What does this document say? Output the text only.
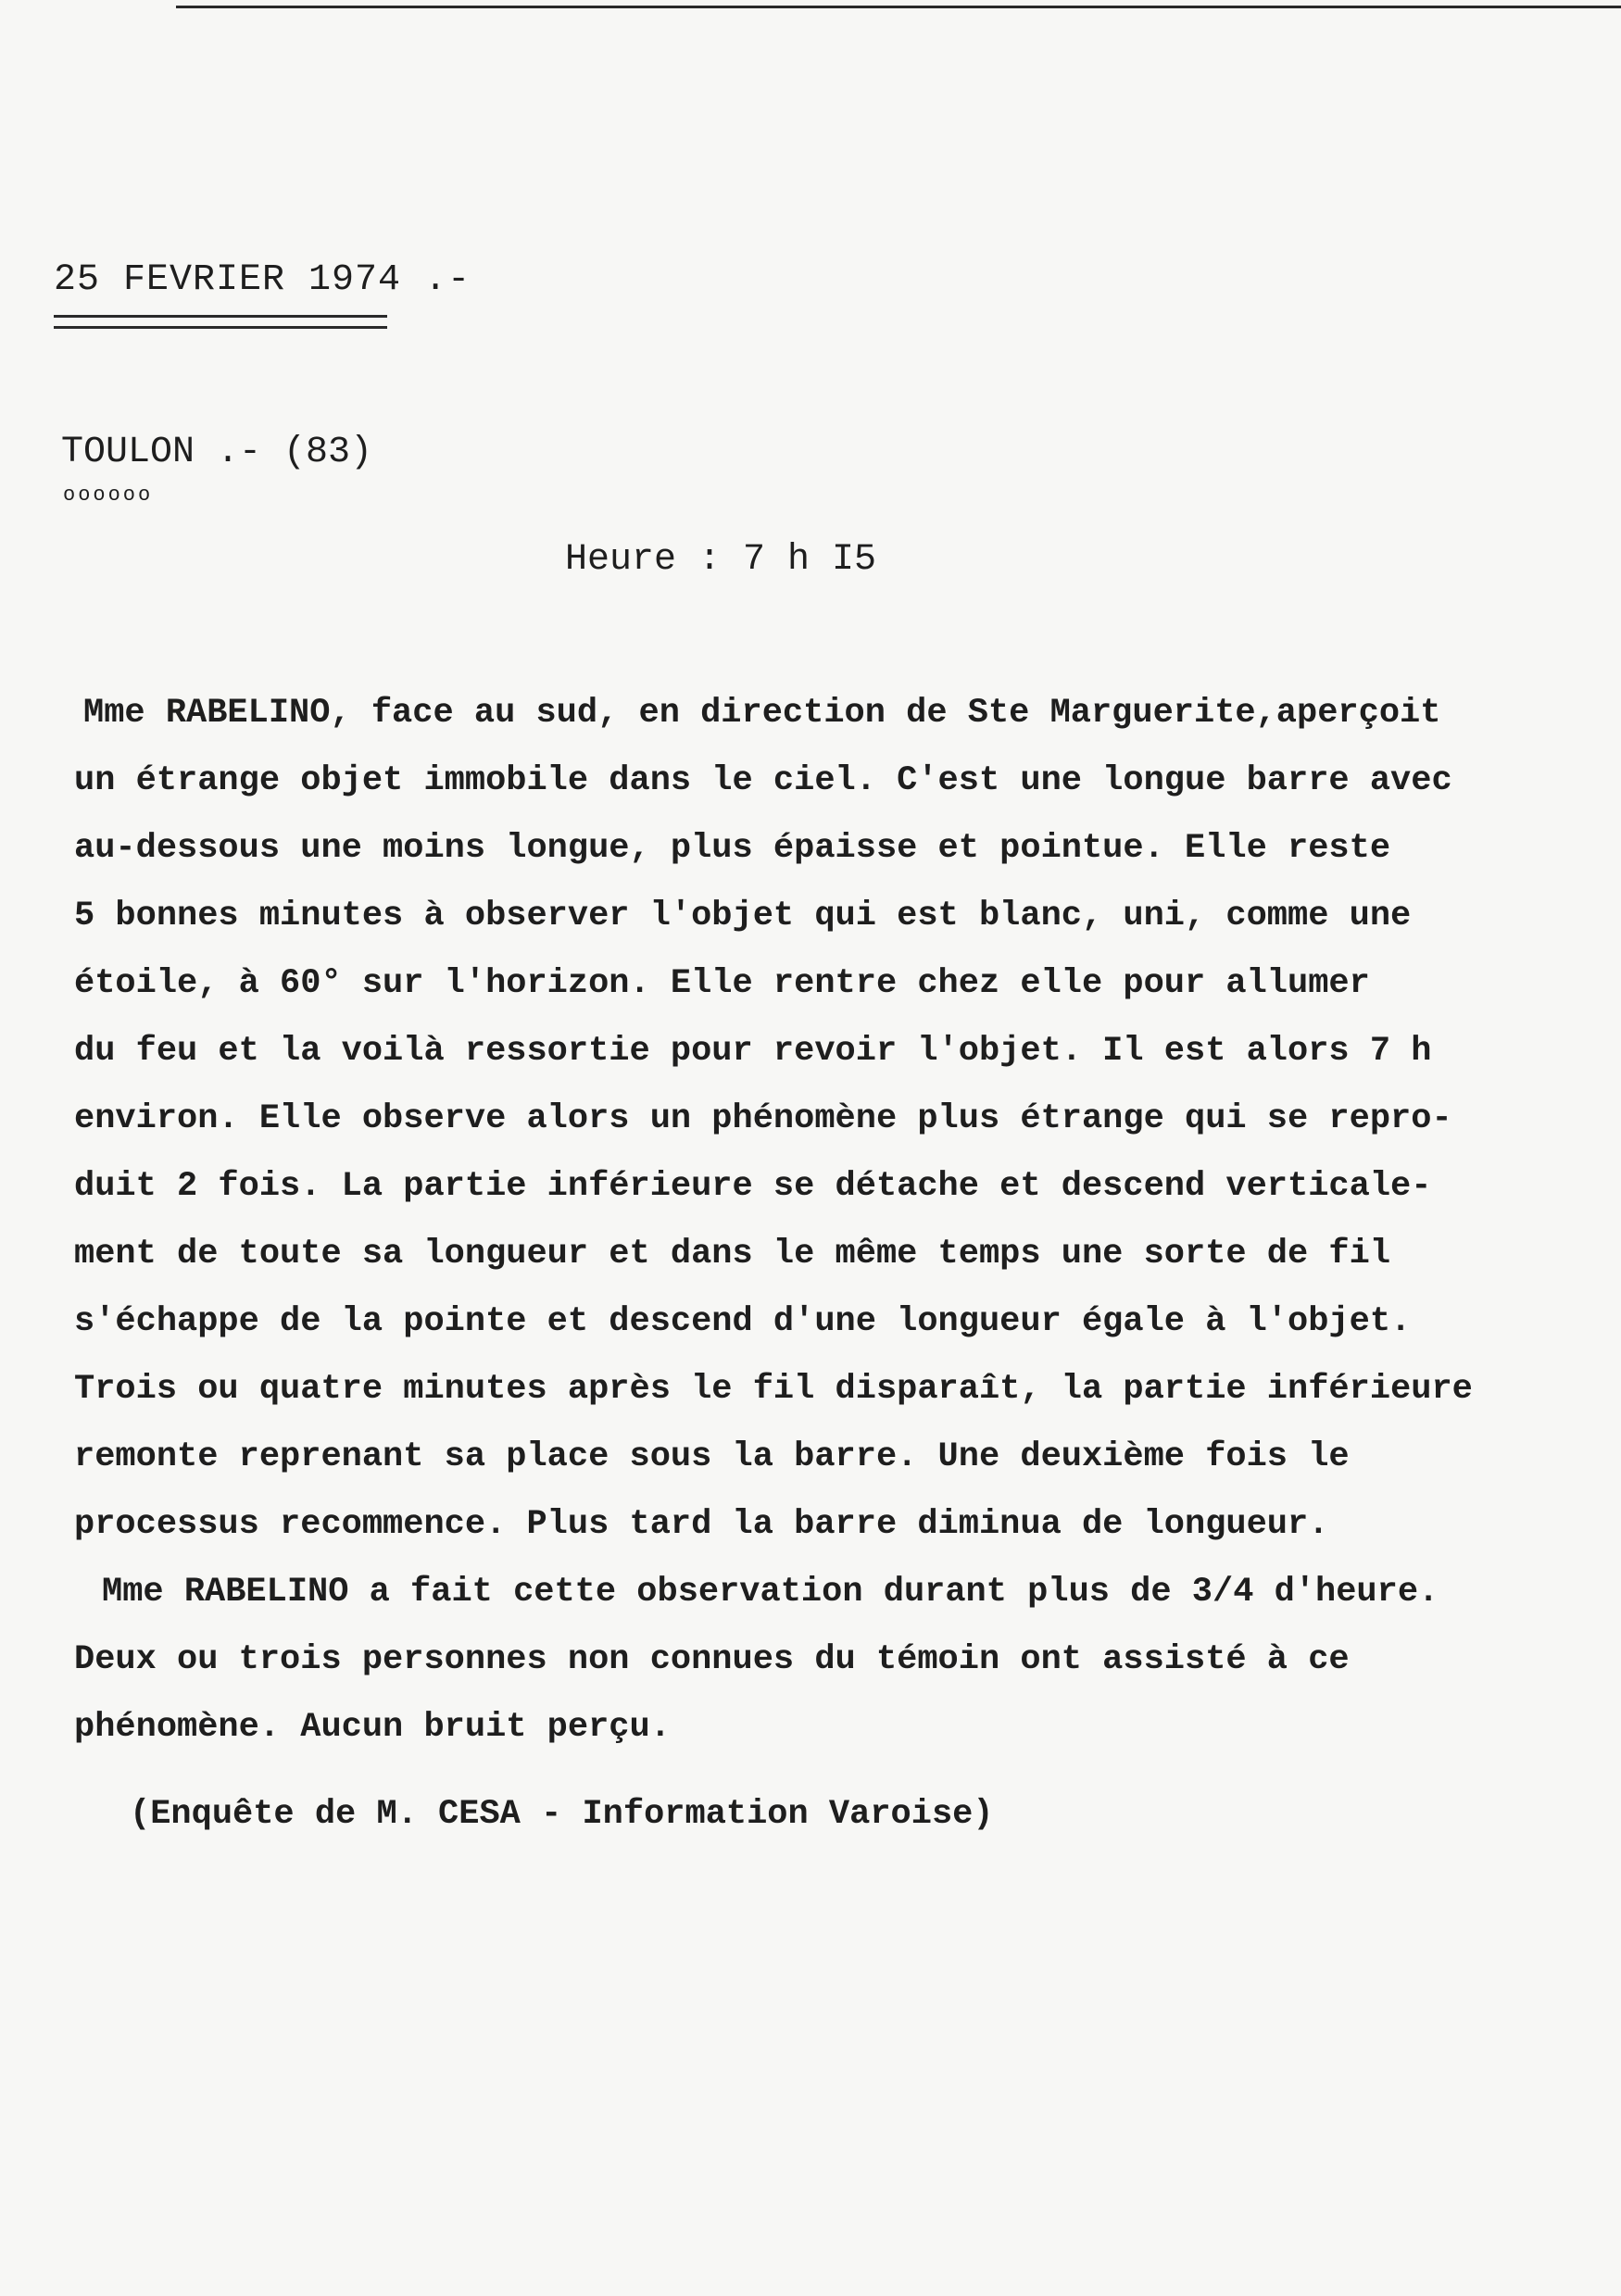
25 FEVRIER 1974 .-
TOULON .- (83)
oooooo
Heure : 7 h I5
Mme RABELINO, face au sud, en direction de Ste Marguerite,aperçoit
un étrange objet immobile dans le ciel. C'est une longue barre avec
au-dessous une moins longue, plus épaisse et pointue. Elle reste
5 bonnes minutes à observer l'objet qui est blanc, uni, comme une
étoile, à 60° sur l'horizon. Elle rentre chez elle pour allumer
du feu et la voilà ressortie pour revoir l'objet. Il est alors 7 h
environ. Elle observe alors un phénomène plus étrange qui se repro-
duit 2 fois. La partie inférieure se détache et descend verticale-
ment de toute sa longueur et dans le même temps une sorte de fil
s'échappe de la pointe et descend d'une longueur égale à l'objet.
Trois ou quatre minutes après le fil disparaît, la partie inférieure
remonte reprenant sa place sous la barre. Une deuxième fois le
processus recommence. Plus tard la barre diminua de longueur.
Mme RABELINO a fait cette observation durant plus de 3/4 d'heure.
Deux ou trois personnes non connues du témoin ont assisté à ce
phénomène. Aucun bruit perçu.
(Enquête de M. CESA - Information Varoise)
